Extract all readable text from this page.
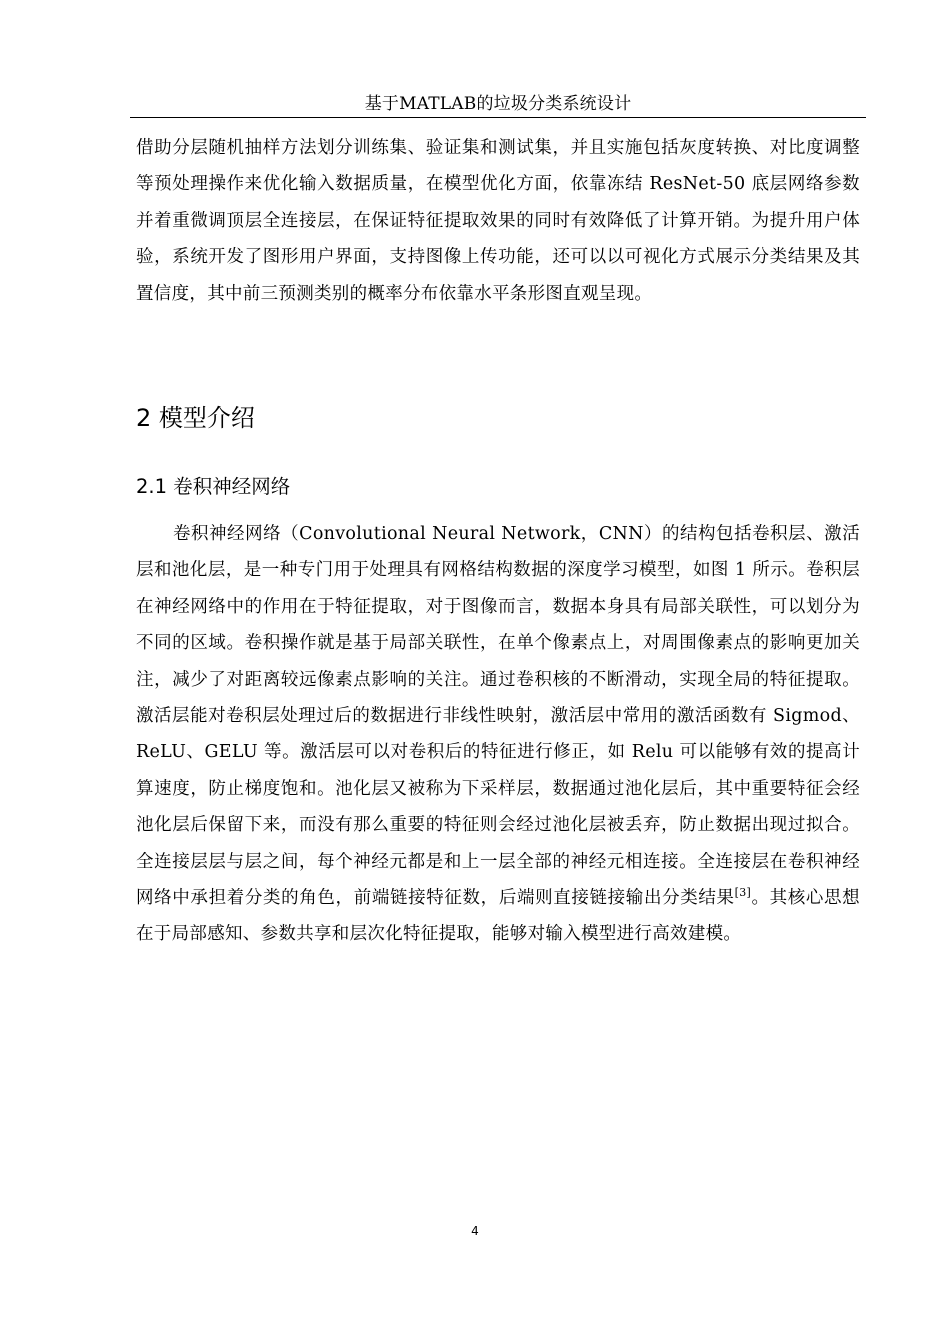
基于MATLAB的垃圾分类系统设计

借助分层随机抽样方法划分训练集、验证集和测试集，并且实施包括灰度转换、对比度调整等预处理操作来优化输入数据质量，在模型优化方面，依靠冻结 ResNet-50 底层网络参数并着重微调顶层全连接层，在保证特征提取效果的同时有效降低了计算开销。为提升用户体验，系统开发了图形用户界面，支持图像上传功能，还可以以可视化方式展示分类结果及其置信度，其中前三预测类别的概率分布依靠水平条形图直观呈现。

2 模型介绍
2.1 卷积神经网络

卷积神经网络（Convolutional Neural Network，CNN）的结构包括卷积层、激活层和池化层，是一种专门用于处理具有网格结构数据的深度学习模型，如图 1 所示。卷积层在神经网络中的作用在于特征提取，对于图像而言，数据本身具有局部关联性，可以划分为不同的区域。卷积操作就是基于局部关联性，在单个像素点上，对周围像素点的影响更加关注，减少了对距离较远像素点影响的关注。通过卷积核的不断滑动，实现全局的特征提取。激活层能对卷积层处理过后的数据进行非线性映射，激活层中常用的激活函数有 Sigmod、ReLU、GELU 等。激活层可以对卷积后的特征进行修正，如 Relu 可以能够有效的提高计算速度，防止梯度饱和。池化层又被称为下采样层，数据通过池化层后，其中重要特征会经池化层后保留下来，而没有那么重要的特征则会经过池化层被丢弃，防止数据出现过拟合。全连接层层与层之间，每个神经元都是和上一层全部的神经元相连接。全连接层在卷积神经网络中承担着分类的角色，前端链接特征数，后端则直接链接输出分类结果[3]。其核心思想在于局部感知、参数共享和层次化特征提取，能够对输入模型进行高效建模。

4
